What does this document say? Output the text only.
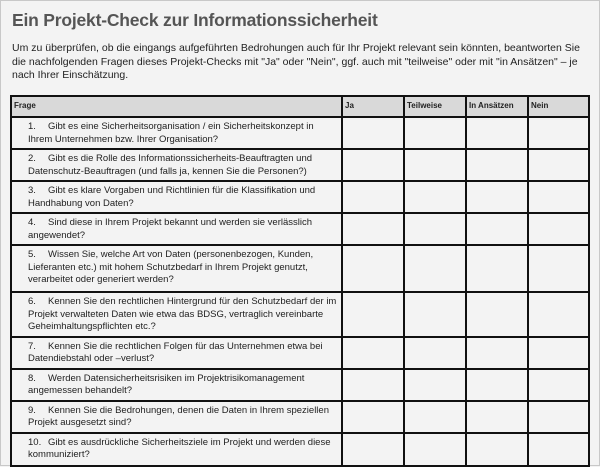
Ein Projekt-Check zur Informationssicherheit

Um zu überprüfen, ob die eingangs aufgeführten Bedrohungen auch für Ihr Projekt relevant sein könnten, beantworten Sie die nachfolgenden Fragen dieses Projekt-Checks mit "Ja" oder "Nein", ggf. auch mit "teilweise" oder mit "in Ansätzen" – je nach Ihrer Einschätzung.

Frage	Ja	Teilweise	In Ansätzen	Nein
1. Gibt es eine Sicherheitsorganisation / ein Sicherheitskonzept in Ihrem Unternehmen bzw. Ihrer Organisation?				
2. Gibt es die Rolle des Informationssicherheits-Beauftragten und Datenschutz-Beauftragen (und falls ja, kennen Sie die Personen?)				
3. Gibt es klare Vorgaben und Richtlinien für die Klassifikation und Handhabung von Daten?				
4. Sind diese in Ihrem Projekt bekannt und werden sie verlässlich angewendet?				
5. Wissen Sie, welche Art von Daten (personenbezogen, Kunden, Lieferanten etc.) mit hohem Schutzbedarf in Ihrem Projekt genutzt, verarbeitet oder generiert werden?				
6. Kennen Sie den rechtlichen Hintergrund für den Schutzbedarf der im Projekt verwalteten Daten wie etwa das BDSG, vertraglich vereinbarte Geheimhaltungspflichten etc.?				
7. Kennen Sie die rechtlichen Folgen für das Unternehmen etwa bei Datendiebstahl oder –verlust?				
8. Werden Datensicherheitsrisiken im Projektrisikomanagement angemessen behandelt?				
9. Kennen Sie die Bedrohungen, denen die Daten in Ihrem speziellen Projekt ausgesetzt sind?				
10. Gibt es ausdrückliche Sicherheitsziele im Projekt und werden diese kommuniziert?				
